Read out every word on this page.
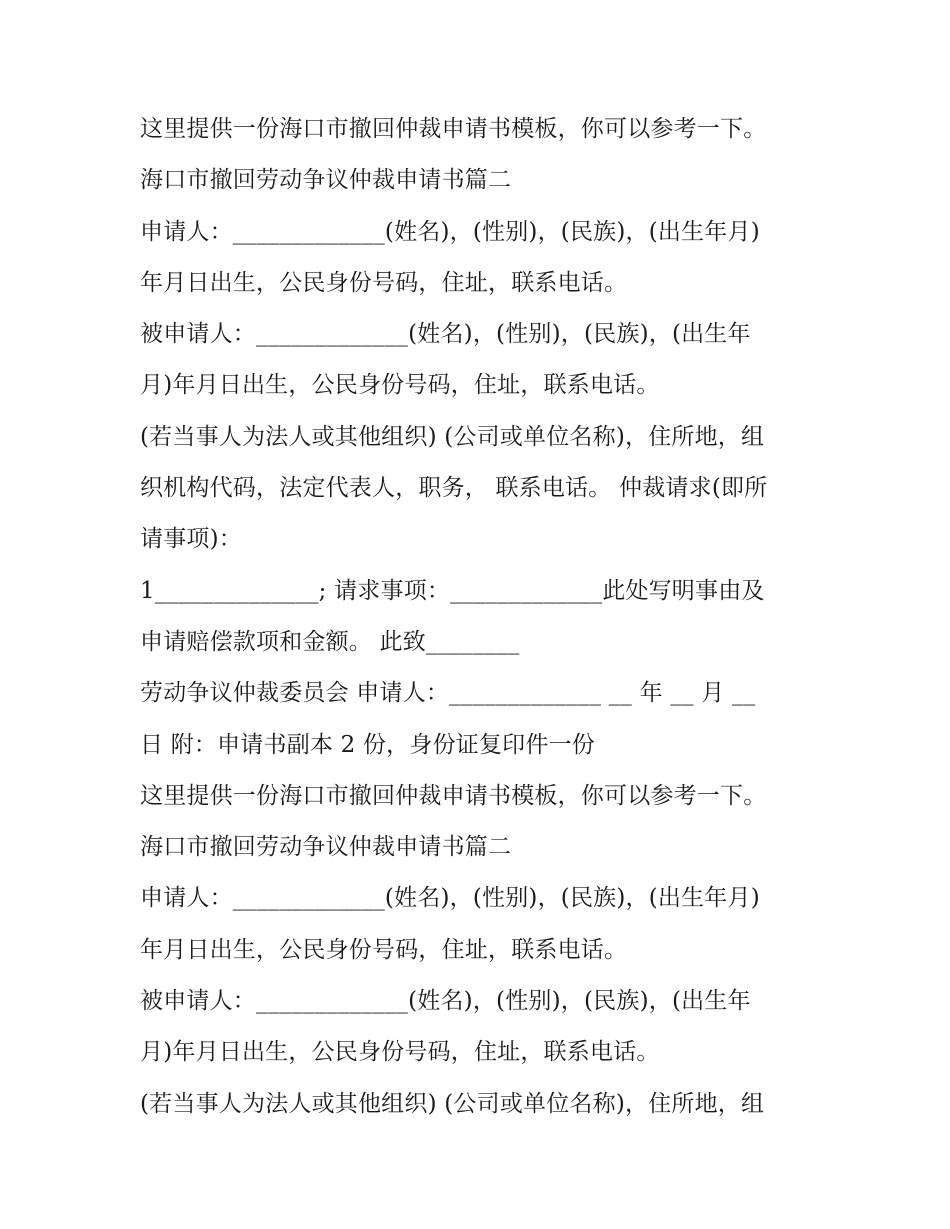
这里提供一份海口市撤回仲裁申请书模板，你可以参考一下。
海口市撤回劳动争议仲裁申请书篇二
申请人：_____________(姓名)，(性别)，(民族)，(出生年月)
年月日出生，公民身份号码，住址，联系电话。
被申请人：_____________(姓名)，(性别)，(民族)，(出生年
月)年月日出生，公民身份号码，住址，联系电话。
(若当事人为法人或其他组织) (公司或单位名称)，住所地，组
织机构代码，法定代表人，职务， 联系电话。 仲裁请求(即所
请事项)：
1______________; 请求事项：_____________此处写明事由及
申请赔偿款项和金额。 此致________
劳动争议仲裁委员会 申请人：_____________ __ 年 __ 月 __
日 附：申请书副本 2 份，身份证复印件一份
这里提供一份海口市撤回仲裁申请书模板，你可以参考一下。
海口市撤回劳动争议仲裁申请书篇二
申请人：_____________(姓名)，(性别)，(民族)，(出生年月)
年月日出生，公民身份号码，住址，联系电话。
被申请人：_____________(姓名)，(性别)，(民族)，(出生年
月)年月日出生，公民身份号码，住址，联系电话。
(若当事人为法人或其他组织) (公司或单位名称)，住所地，组
